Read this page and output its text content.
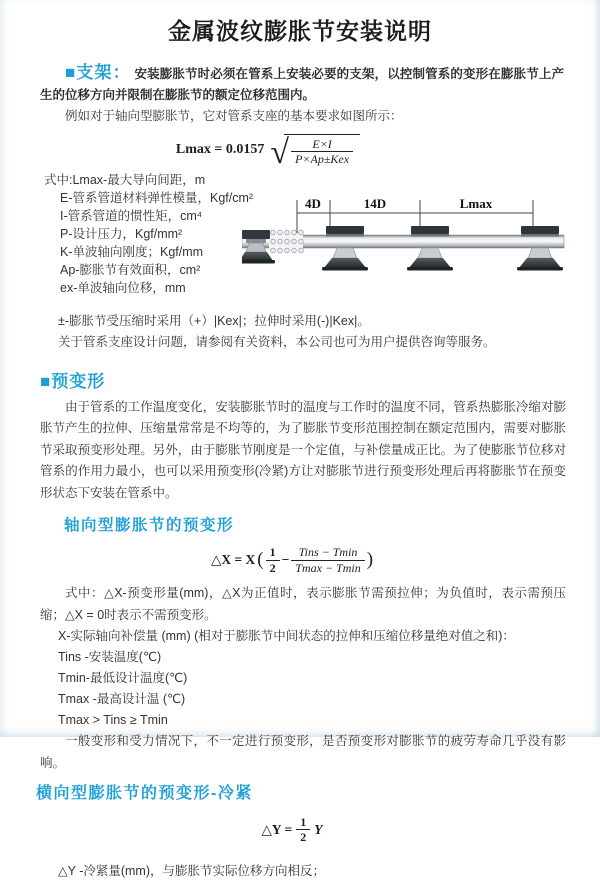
金属波纹膨胀节安装说明

■支架： 安装膨胀节时必须在管系上安装必要的支架，以控制管系的变形在膨胀节上产生的位移方向并限制在膨胀节的额定位移范围内。

例如对于轴向型膨胀节，它对管系支座的基本要求如图所示：

Lmax = 0.0157 √ $\frac{E\times I}{\text{P×Ap±Kex}}$
式中:Lmax-最大导向间距，m
E-管系管道材料弹性模量，Kgf/cm²
I-管系管道的惯性矩，cm⁴
P-设计压力，Kgf/mm²
K-单波轴向刚度；Kgf/mm
Ap-膨胀节有效面积，cm²
ex-单波轴向位移，mm
4D	14D	Lmax

±-膨胀节受压缩时采用（+）|Kex|；拉伸时采用(-)|Kex|。

关于管系支座设计问题，请参阅有关资料，本公司也可为用户提供咨询等服务。

■预变形

由于管系的工作温度变化，安装膨胀节时的温度与工作时的温度不同，管系热膨胀冷缩对膨胀节产生的拉伸、压缩量常常是不均等的，为了膨胀节变形范围控制在额定范围内，需要对膨胀节采取预变形处理。另外，由于膨胀节刚度是一个定值，与补偿量成正比。为了使膨胀节位移对管系的作用力最小，也可以采用预变形(冷紧)方让对膨胀节进行预变形处理后再将膨胀节在预变形状态下安装在管系中。

轴向型膨胀节的预变形
△X = X ( $\frac{1}{2} - \frac{\text{Tins − Tmin}}{Tmax - Tmin}$ )

式中：△X-预变形量(mm)，△X为正值时，表示膨胀节需预拉伸；为负值时，表示需预压缩；△X = 0时表示不需预变形。

X-实际轴向补偿量 (mm) (相对于膨胀节中间状态的拉伸和压缩位移量绝对值之和)：
Tins -安装温度(℃)
Tmin-最低设计温度(℃)
Tmax -最高设计温 (℃)
Tmax > Tins ≥ Tmin

一般变形和受力情况下，不一定进行预变形，是否预变形对膨胀节的疲劳寿命几乎没有影响。

横向型膨胀节的预变形-冷紧
△Y = $\frac{1}{2}$ Y

△Y -冷紧量(mm)，与膨胀节实际位移方向相反；
